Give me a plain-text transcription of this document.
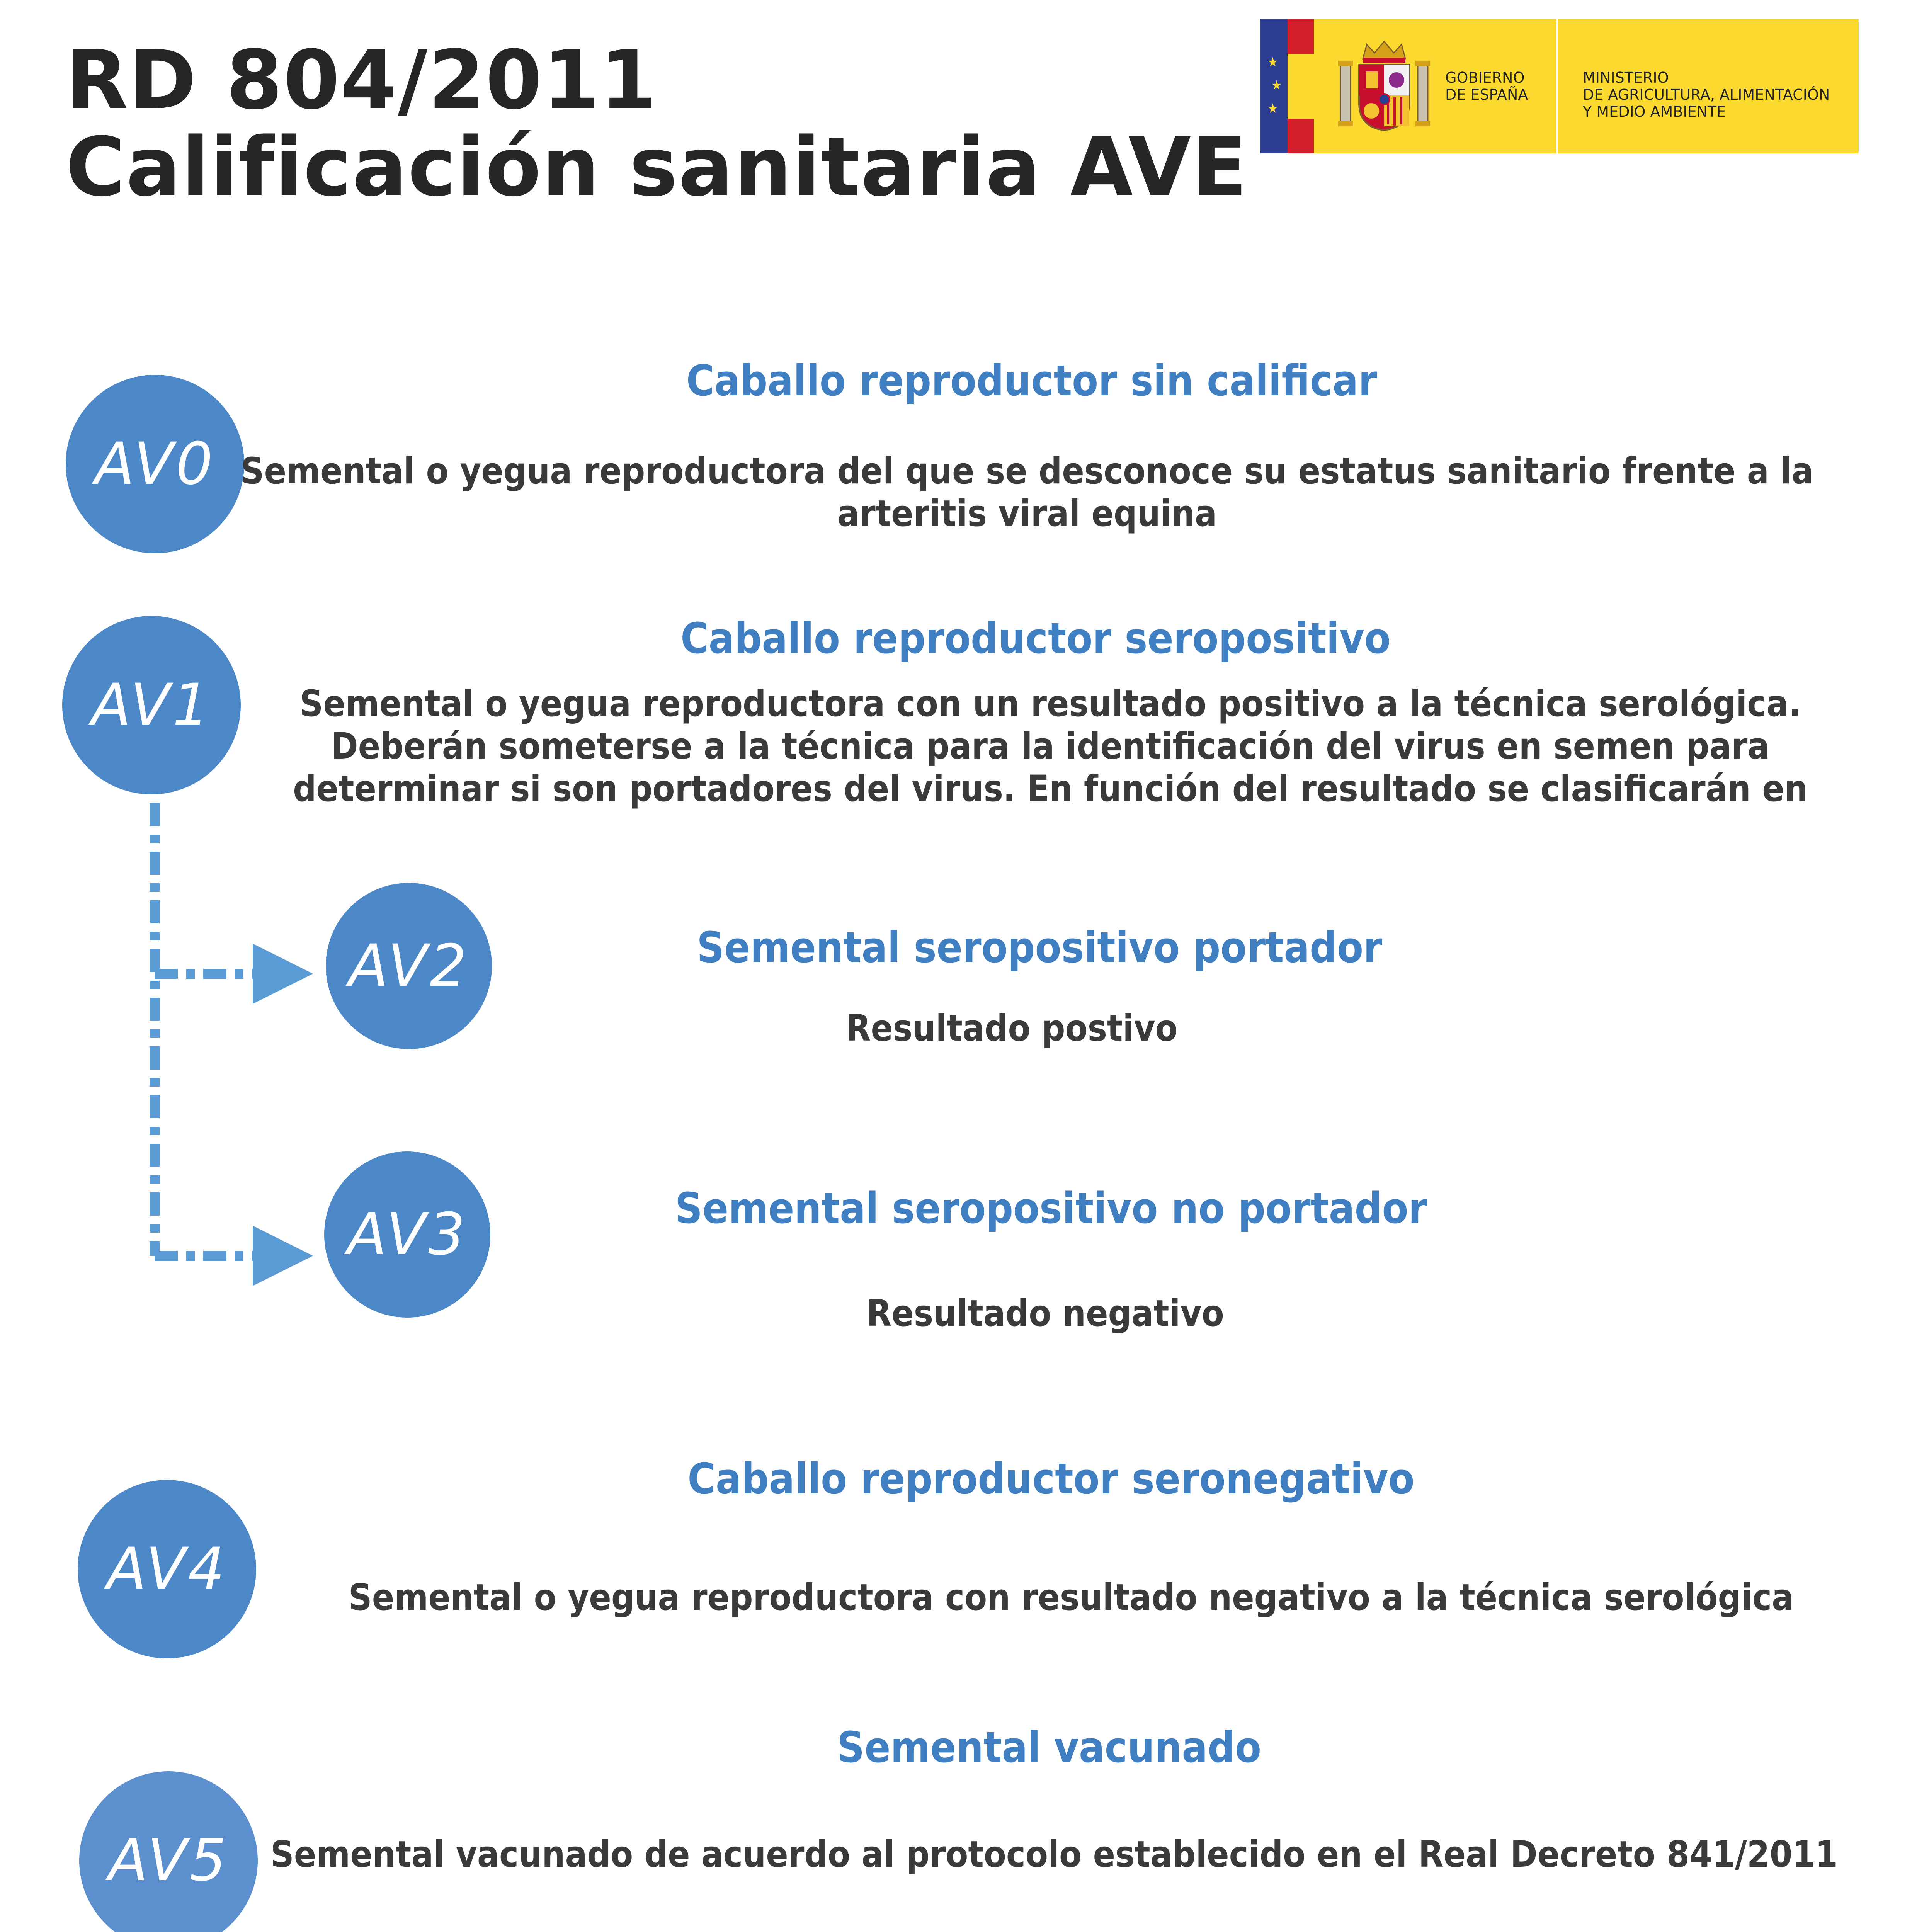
RD 804/2011
Calificación sanitaria AVE
★
★
★
GOBIERNO
DE ESPAÑA
MINISTERIO
DE AGRICULTURA, ALIMENTACIÓN
Y MEDIO AMBIENTE
AV0
Caballo reproductor sin calificar

Semental o yegua reproductora del que se desconoce su estatus sanitario frente a la
arteritis viral equina

AV1
Caballo reproductor seropositivo

Semental o yegua reproductora con un resultado positivo a la técnica serológica.
Deberán someterse a la técnica para la identificación del virus en semen para
determinar si son portadores del virus. En función del resultado se clasificarán en

AV2	Semental seropositivo portador

Resultado postivo

AV3	Semental seropositivo no portador

Resultado negativo

AV4
Caballo reproductor seronegativo

Semental o yegua reproductora con resultado negativo a la técnica serológica

AV5
Semental vacunado

Semental vacunado de acuerdo al protocolo establecido en el Real Decreto 841/2011
